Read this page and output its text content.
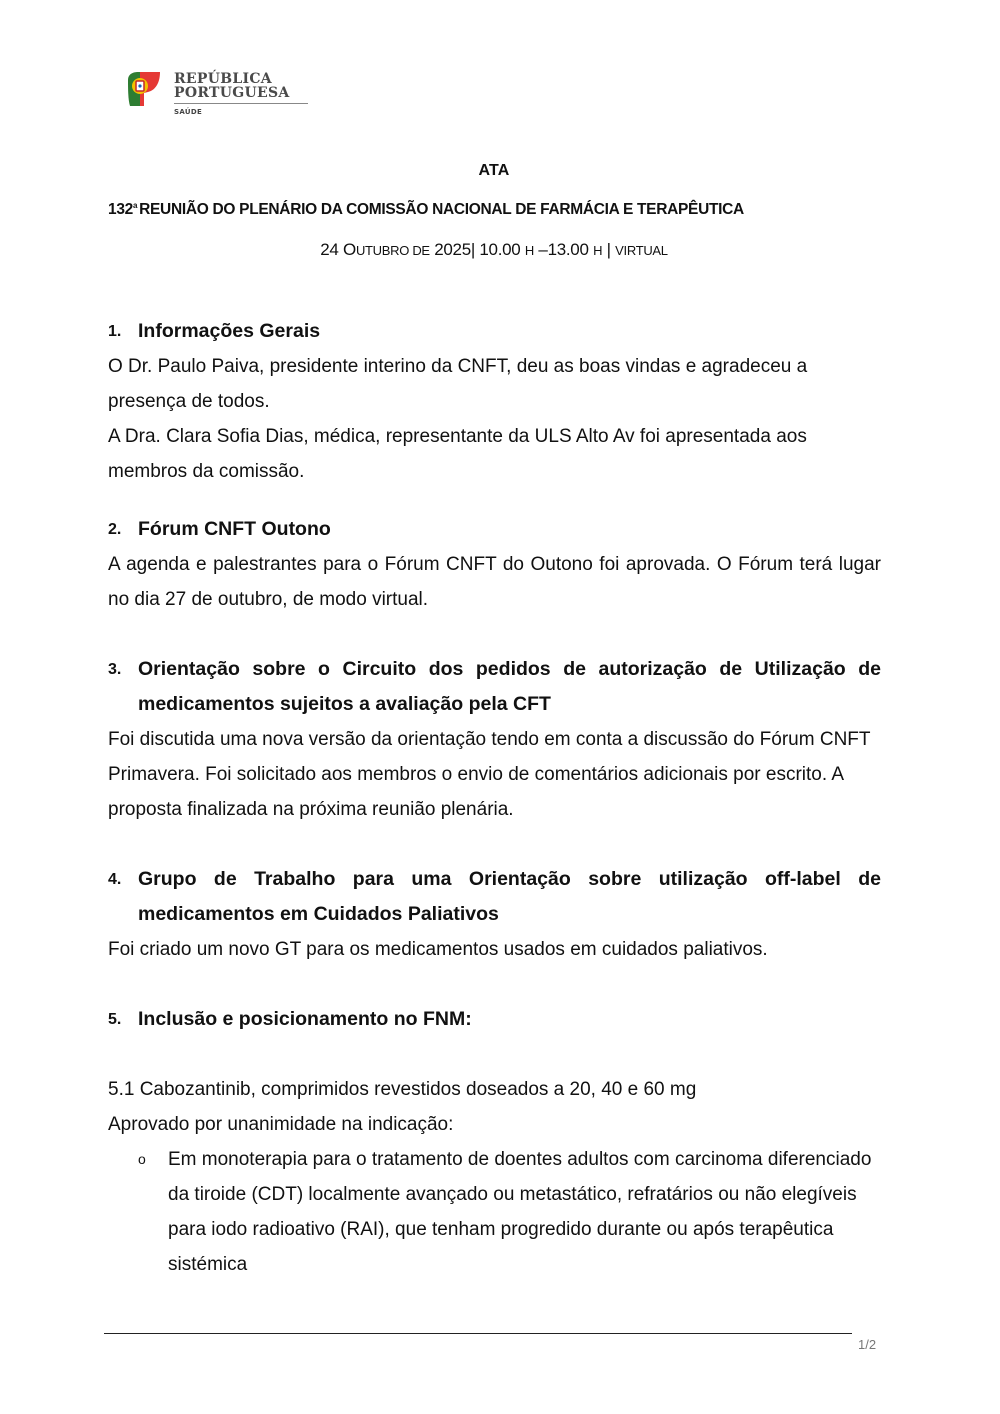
REPÚBLICA
PORTUGUESA
SAÚDE
ATA
132$^a$ REUNIÃO DO PLENÁRIO DA COMISSÃO NACIONAL DE FARMÁCIA E TERAPÊUTICA
24 OUTUBRO DE 2025| 10.00 H –13.00 H | VIRTUAL
1. Informações Gerais

O Dr. Paulo Paiva, presidente interino da CNFT, deu as boas vindas e agradeceu a presença de todos.

A Dra. Clara Sofia Dias, médica, representante da ULS Alto Av foi apresentada aos membros da comissão.

2. Fórum CNFT Outono

A agenda e palestrantes para o Fórum CNFT do Outono foi aprovada. O Fórum terá lugar no dia 27 de outubro, de modo virtual.

3. Orientação sobre o Circuito dos pedidos de autorização de Utilização de medicamentos sujeitos a avaliação pela CFT

Foi discutida uma nova versão da orientação tendo em conta a discussão do Fórum CNFT Primavera. Foi solicitado aos membros o envio de comentários adicionais por escrito. A proposta finalizada na próxima reunião plenária.

4. Grupo de Trabalho para uma Orientação sobre utilização off-label de medicamentos em Cuidados Paliativos

Foi criado um novo GT para os medicamentos usados em cuidados paliativos.

5. Inclusão e posicionamento no FNM:

5.1 Cabozantinib, comprimidos revestidos doseados a 20, 40 e 60 mg

Aprovado por unanimidade na indicação:

o	Em monoterapia para o tratamento de doentes adultos com carcinoma diferenciado da tiroide (CDT) localmente avançado ou metastático, refratários ou não elegíveis para iodo radioativo (RAI), que tenham progredido durante ou após terapêutica sistémica
1/2
